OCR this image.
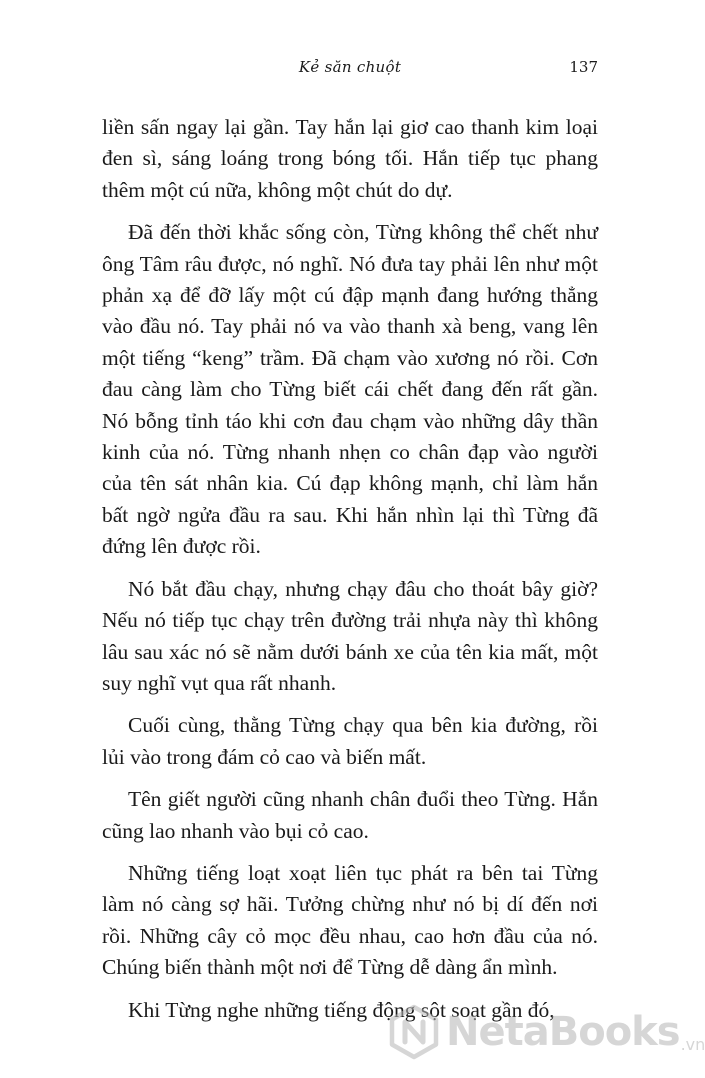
Kẻ săn chuột	137

liền sấn ngay lại gần. Tay hắn lại giơ cao thanh kim loại đen sì, sáng loáng trong bóng tối. Hắn tiếp tục phang thêm một cú nữa, không một chút do dự.

Đã đến thời khắc sống còn, Từng không thể chết như ông Tâm râu được, nó nghĩ. Nó đưa tay phải lên như một phản xạ để đỡ lấy một cú đập mạnh đang hướng thẳng vào đầu nó. Tay phải nó va vào thanh xà beng, vang lên một tiếng “keng” trầm. Đã chạm vào xương nó rồi. Cơn đau càng làm cho Từng biết cái chết đang đến rất gần. Nó bỗng tỉnh táo khi cơn đau chạm vào những dây thần kinh của nó. Từng nhanh nhẹn co chân đạp vào người của tên sát nhân kia. Cú đạp không mạnh, chỉ làm hắn bất ngờ ngửa đầu ra sau. Khi hắn nhìn lại thì Từng đã đứng lên được rồi.

Nó bắt đầu chạy, nhưng chạy đâu cho thoát bây giờ? Nếu nó tiếp tục chạy trên đường trải nhựa này thì không lâu sau xác nó sẽ nằm dưới bánh xe của tên kia mất, một suy nghĩ vụt qua rất nhanh.

Cuối cùng, thằng Từng chạy qua bên kia đường, rồi lủi vào trong đám cỏ cao và biến mất.

Tên giết người cũng nhanh chân đuổi theo Từng. Hắn cũng lao nhanh vào bụi cỏ cao.

Những tiếng loạt xoạt liên tục phát ra bên tai Từng làm nó càng sợ hãi. Tưởng chừng như nó bị dí đến nơi rồi. Những cây cỏ mọc đều nhau, cao hơn đầu của nó. Chúng biến thành một nơi để Từng dễ dàng ẩn mình.

Khi Từng nghe những tiếng động sột soạt gần đó,

NetaBooks .vn
